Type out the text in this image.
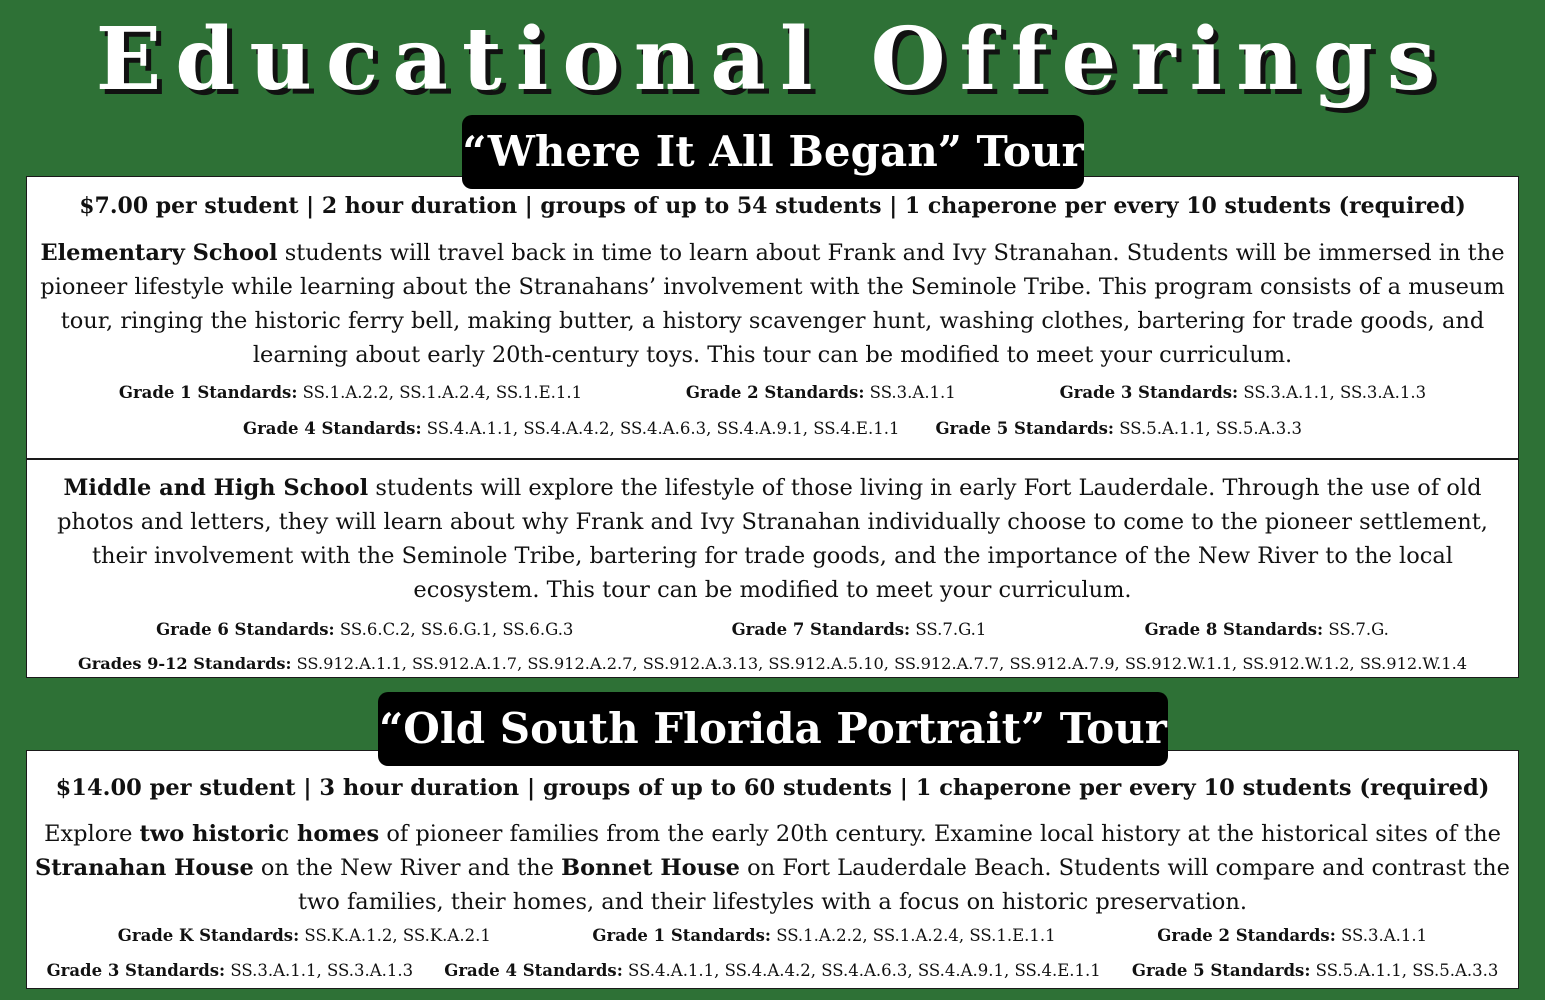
Educational Offerings
“Where It All Began” Tour
$7.00 per student | 2 hour duration | groups of up to 54 students | 1 chaperone per every 10 students (required)
Elementary School students will travel back in time to learn about Frank and Ivy Stranahan. Students will be immersed in the pioneer lifestyle while learning about the Stranahans’ involvement with the Seminole Tribe. This program consists of a museum tour, ringing the historic ferry bell, making butter, a history scavenger hunt, washing clothes, bartering for trade goods, and learning about early 20th-century toys. This tour can be modified to meet your curriculum.
Grade 1 Standards: SS.1.A.2.2, SS.1.A.2.4, SS.1.E.1.1	Grade 2 Standards: SS.3.A.1.1	Grade 3 Standards: SS.3.A.1.1, SS.3.A.1.3
Grade 4 Standards: SS.4.A.1.1, SS.4.A.4.2, SS.4.A.6.3, SS.4.A.9.1, SS.4.E.1.1 Grade 5 Standards: SS.5.A.1.1, SS.5.A.3.3
Middle and High School students will explore the lifestyle of those living in early Fort Lauderdale. Through the use of old photos and letters, they will learn about why Frank and Ivy Stranahan individually choose to come to the pioneer settlement, their involvement with the Seminole Tribe, bartering for trade goods, and the importance of the New River to the local ecosystem. This tour can be modified to meet your curriculum.
Grade 6 Standards: SS.6.C.2, SS.6.G.1, SS.6.G.3	Grade 7 Standards: SS.7.G.1	Grade 8 Standards: SS.7.G.
Grades 9-12 Standards: SS.912.A.1.1, SS.912.A.1.7, SS.912.A.2.7, SS.912.A.3.13, SS.912.A.5.10, SS.912.A.7.7, SS.912.A.7.9, SS.912.W.1.1, SS.912.W.1.2, SS.912.W.1.4
“Old South Florida Portrait” Tour
$14.00 per student | 3 hour duration | groups of up to 60 students | 1 chaperone per every 10 students (required)
Explore two historic homes of pioneer families from the early 20th century. Examine local history at the historical sites of the Stranahan House on the New River and the Bonnet House on Fort Lauderdale Beach. Students will compare and contrast the two families, their homes, and their lifestyles with a focus on historic preservation.
Grade K Standards: SS.K.A.1.2, SS.K.A.2.1	Grade 1 Standards: SS.1.A.2.2, SS.1.A.2.4, SS.1.E.1.1	Grade 2 Standards: SS.3.A.1.1
Grade 3 Standards: SS.3.A.1.1, SS.3.A.1.3 Grade 4 Standards: SS.4.A.1.1, SS.4.A.4.2, SS.4.A.6.3, SS.4.A.9.1, SS.4.E.1.1 Grade 5 Standards: SS.5.A.1.1, SS.5.A.3.3
